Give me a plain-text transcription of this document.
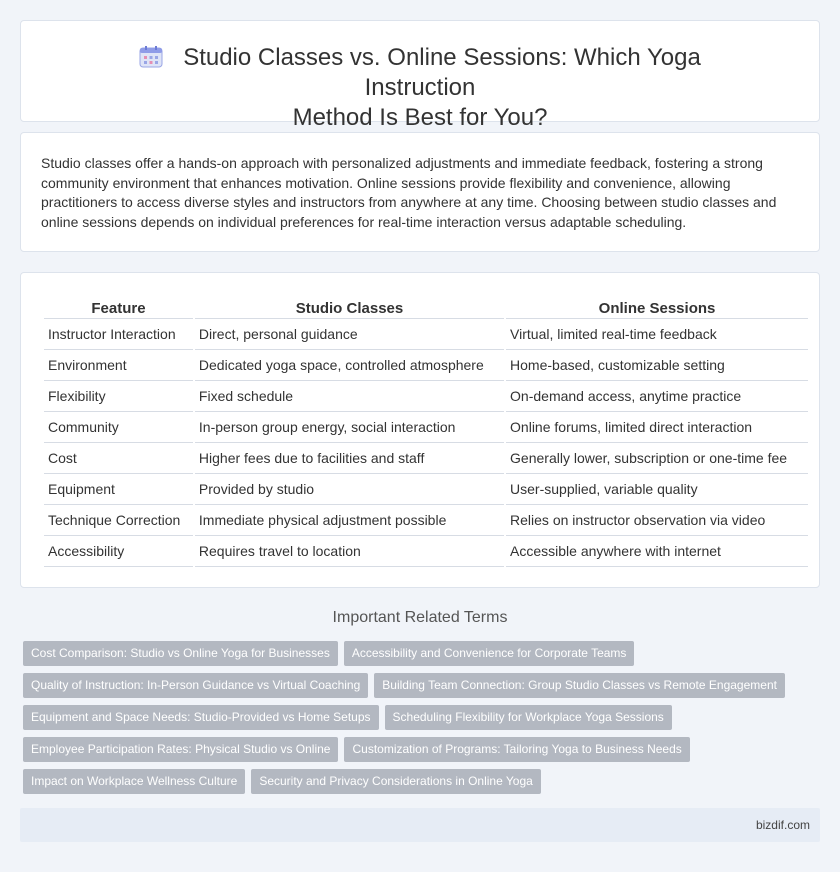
Studio Classes vs. Online Sessions: Which Yoga Instruction
Method Is Best for You?

Studio classes offer a hands-on approach with personalized adjustments and immediate feedback, fostering a strong community environment that enhances motivation. Online sessions provide flexibility and convenience, allowing practitioners to access diverse styles and instructors from anywhere at any time. Choosing between studio classes and online sessions depends on individual preferences for real-time interaction versus adaptable scheduling.

Feature	Studio Classes	Online Sessions
Instructor Interaction	Direct, personal guidance	Virtual, limited real-time feedback
Environment	Dedicated yoga space, controlled atmosphere	Home-based, customizable setting
Flexibility	Fixed schedule	On-demand access, anytime practice
Community	In-person group energy, social interaction	Online forums, limited direct interaction
Cost	Higher fees due to facilities and staff	Generally lower, subscription or one-time fee
Equipment	Provided by studio	User-supplied, variable quality
Technique Correction	Immediate physical adjustment possible	Relies on instructor observation via video
Accessibility	Requires travel to location	Accessible anywhere with internet
Important Related Terms
Cost Comparison: Studio vs Online Yoga for Businesses Accessibility and Convenience for Corporate Teams
Quality of Instruction: In-Person Guidance vs Virtual Coaching Building Team Connection: Group Studio Classes vs Remote Engagement
Equipment and Space Needs: Studio-Provided vs Home Setups Scheduling Flexibility for Workplace Yoga Sessions
Employee Participation Rates: Physical Studio vs Online Customization of Programs: Tailoring Yoga to Business Needs
Impact on Workplace Wellness Culture Security and Privacy Considerations in Online Yoga
bizdif.com
